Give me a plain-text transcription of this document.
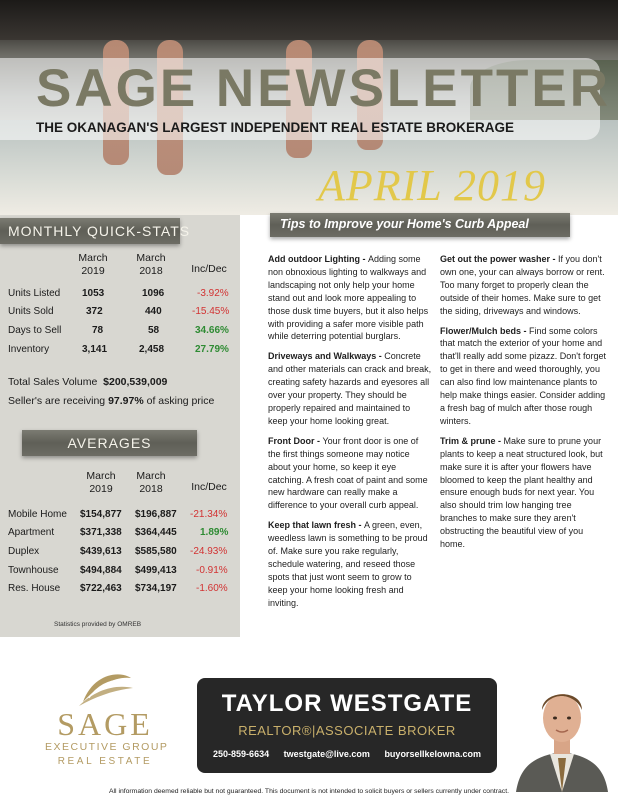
SAGE NEWSLETTER
THE OKANAGAN'S LARGEST INDEPENDENT REAL ESTATE BROKERAGE
APRIL 2019
MONTHLY QUICK-STATS
March 2019
March 2018	Inc/Dec
Units Listed 1053	1096	-3.92%
Units Sold	372	440	-15.45%
Days to Sell	78	58	34.66%
Inventory	3,141	2,458	27.79%
Total Sales Volume $200,539,009
Seller's are receiving 97.97% of asking price
AVERAGES
March 2019
March 2018	Inc/Dec
Mobile Home $154,877 $196,887 -21.34%
Apartment	$371,338 $364,445 1.89%
Duplex	$439,613 $585,580 -24.93%
Townhouse $494,884 $499,413 -0.91%
Res. House $722,463 $734,197 -1.60%
Statistics provided by OMREB
Tips to Improve your Home's Curb Appeal

Add outdoor Lighting - Adding some non obnoxious lighting to walkways and landscaping not only help your home stand out and look more appealing to those dusk time buyers, but it also helps with providing a safer more visible path while deterring potential burglars.

Driveways and Walkways - Concrete and other materials can crack and break, creating safety hazards and eyesores all over your property. They should be properly repaired and maintained to keep your home looking great.

Front Door - Your front door is one of the first things someone may notice about your home, so keep it eye catching. A fresh coat of paint and some new hardware can really make a difference to your overall curb appeal.

Keep that lawn fresh - A green, even, weedless lawn is something to be proud of. Make sure you rake regularly, schedule watering, and reseed those spots that just wont seem to grow to keep your home looking fresh and inviting.

Get out the power washer - If you don't own one, your can always borrow or rent. Too many forget to properly clean the outside of their homes. Make sure to get the siding, driveways and windows.

Flower/Mulch beds - Find some colors that match the exterior of your home and that'll really add some pizazz. Don't forget to get in there and weed thoroughly, you can also find low maintenance plants to help make things easier. Consider adding a fresh bag of mulch after those rough winters.

Trim & prune - Make sure to prune your plants to keep a neat structured look, but make sure it is after your flowers have bloomed to keep the plant healthy and ensure enough buds for next year. You also should trim low hanging tree branches to make sure they aren't obstructing the beautiful view of you home.

SAGE
EXECUTIVE GROUP
REAL ESTATE
TAYLOR WESTGATE
REALTOR®|ASSOCIATE BROKER
250-859-6634 twestgate@live.com buyorsellkelowna.com
All information deemed reliable but not guaranteed. This document is not intended to solicit buyers or sellers currently under contract.
